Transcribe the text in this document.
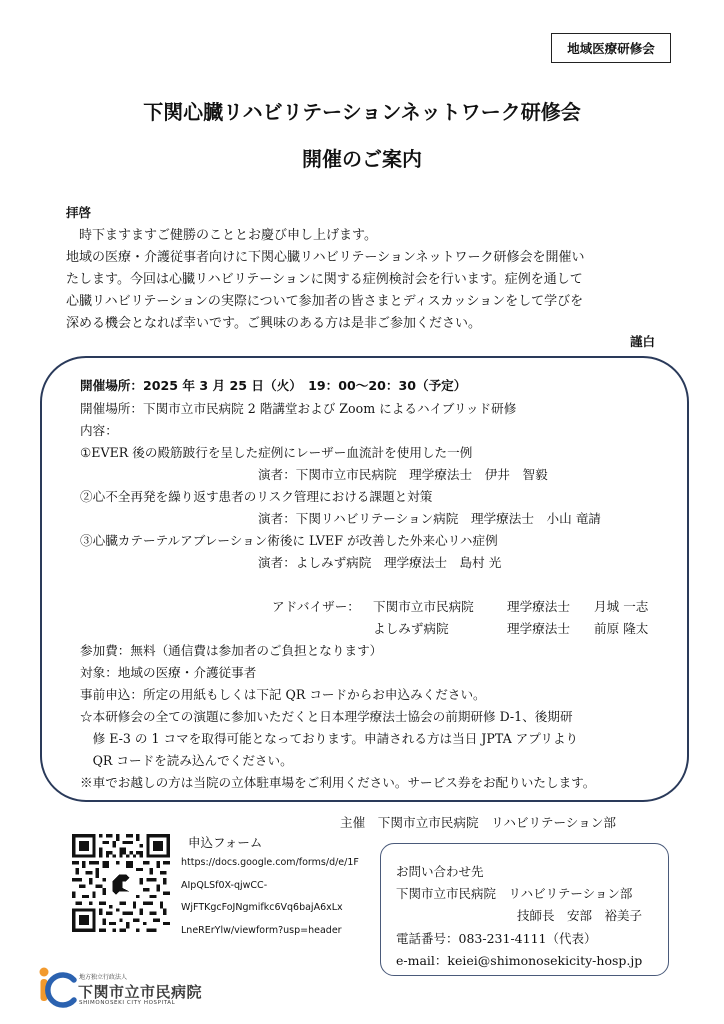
地域医療研修会
下関心臓リハビリテーションネットワーク研修会
開催のご案内
拝啓
　時下ますますご健勝のこととお慶び申し上げます。
地域の医療・介護従事者向けに下関心臓リハビリテーションネットワーク研修会を開催い
たします。今回は心臓リハビリテーションに関する症例検討会を行います。症例を通して
心臓リハビリテーションの実際について参加者の皆さまとディスカッションをして学びを
深める機会となれば幸いです。ご興味のある方は是非ご参加ください。
謹白
開催場所：2025 年 3 月 25 日（火）　19：00〜20：30（予定）
開催場所：下関市立市民病院 2 階講堂および Zoom によるハイブリッド研修
内容：
①EVER 後の殿筋跛行を呈した症例にレーザー血流計を使用した一例
演者：下関市立市民病院　理学療法士　伊井　智毅
②心不全再発を繰り返す患者のリスク管理における課題と対策
演者：下関リハビリテーション病院　理学療法士　小山 竜請
③心臓カテーテルアブレーション術後に LVEF が改善した外来心リハ症例
演者：よしみず病院　理学療法士　島村 光
アドバイザー： 下関市立市民病院	理学療法士 月城 一志
よしみず病院	理学療法士 前原 隆太
参加費：無料（通信費は参加者のご負担となります）
対象：地域の医療・介護従事者
事前申込：所定の用紙もしくは下記 QR コードからお申込みください。
☆本研修会の全ての演題に参加いただくと日本理学療法士協会の前期研修 D-1、後期研
　修 E-3 の 1 コマを取得可能となっております。申請される方は当日 JPTA アプリより
　QR コードを読み込んでください。
※車でお越しの方は当院の立体駐車場をご利用ください。サービス券をお配りいたします。
主催　下関市立市民病院　リハビリテーション部
申込フォーム
https://docs.google.com/forms/d/e/1F
AIpQLSf0X-qjwCC-
WjFTKgcFoJNgmifkc6Vq6bajA6xLx
LneRErYlw/viewform?usp=header
お問い合わせ先
下関市立市民病院　リハビリテーション部
技師長　安部　裕美子
電話番号：083-231-4111（代表）
e-mail：keiei@shimonosekicity-hosp.jp
地方独立行政法人
下関市立市民病院
SHIMONOSEKI CITY HOSPITAL
